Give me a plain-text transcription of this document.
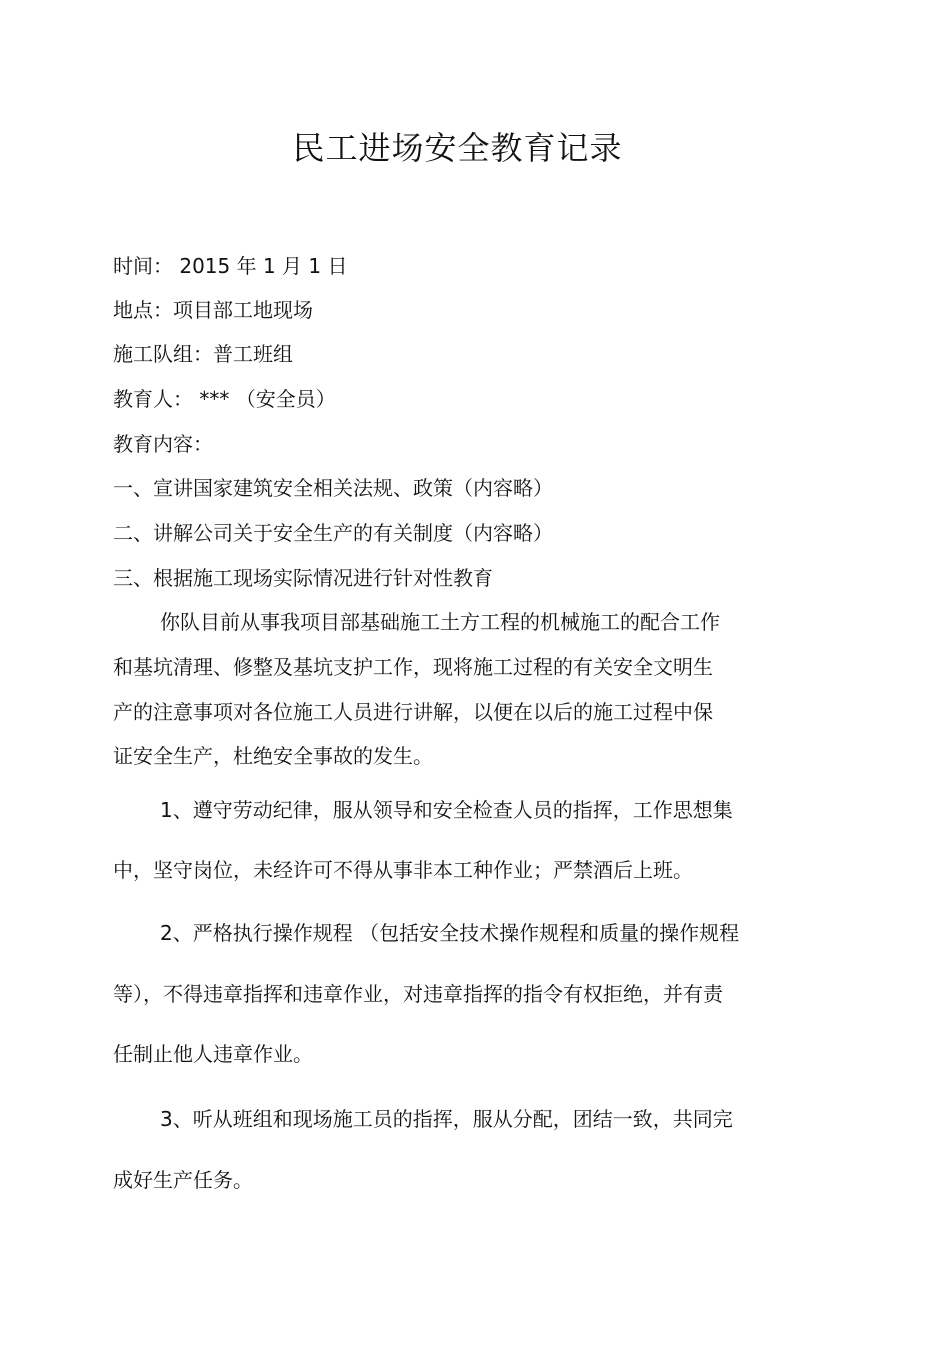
民工进场安全教育记录
时间： 2015 年 1 月 1 日
地点：项目部工地现场
施工队组：普工班组
教育人： *** （安全员）
教育内容：
一、宣讲国家建筑安全相关法规、政策（内容略）
二、讲解公司关于安全生产的有关制度（内容略）
三、根据施工现场实际情况进行针对性教育
你队目前从事我项目部基础施工土方工程的机械施工的配合工作
和基坑清理、修整及基坑支护工作，现将施工过程的有关安全文明生
产的注意事项对各位施工人员进行讲解，以便在以后的施工过程中保
证安全生产，杜绝安全事故的发生。
1、遵守劳动纪律，服从领导和安全检查人员的指挥，工作思想集
中，坚守岗位，未经许可不得从事非本工种作业；严禁酒后上班。
2、严格执行操作规程 （包括安全技术操作规程和质量的操作规程
等），不得违章指挥和违章作业，对违章指挥的指令有权拒绝，并有责
任制止他人违章作业。
3、听从班组和现场施工员的指挥，服从分配，团结一致，共同完
成好生产任务。
